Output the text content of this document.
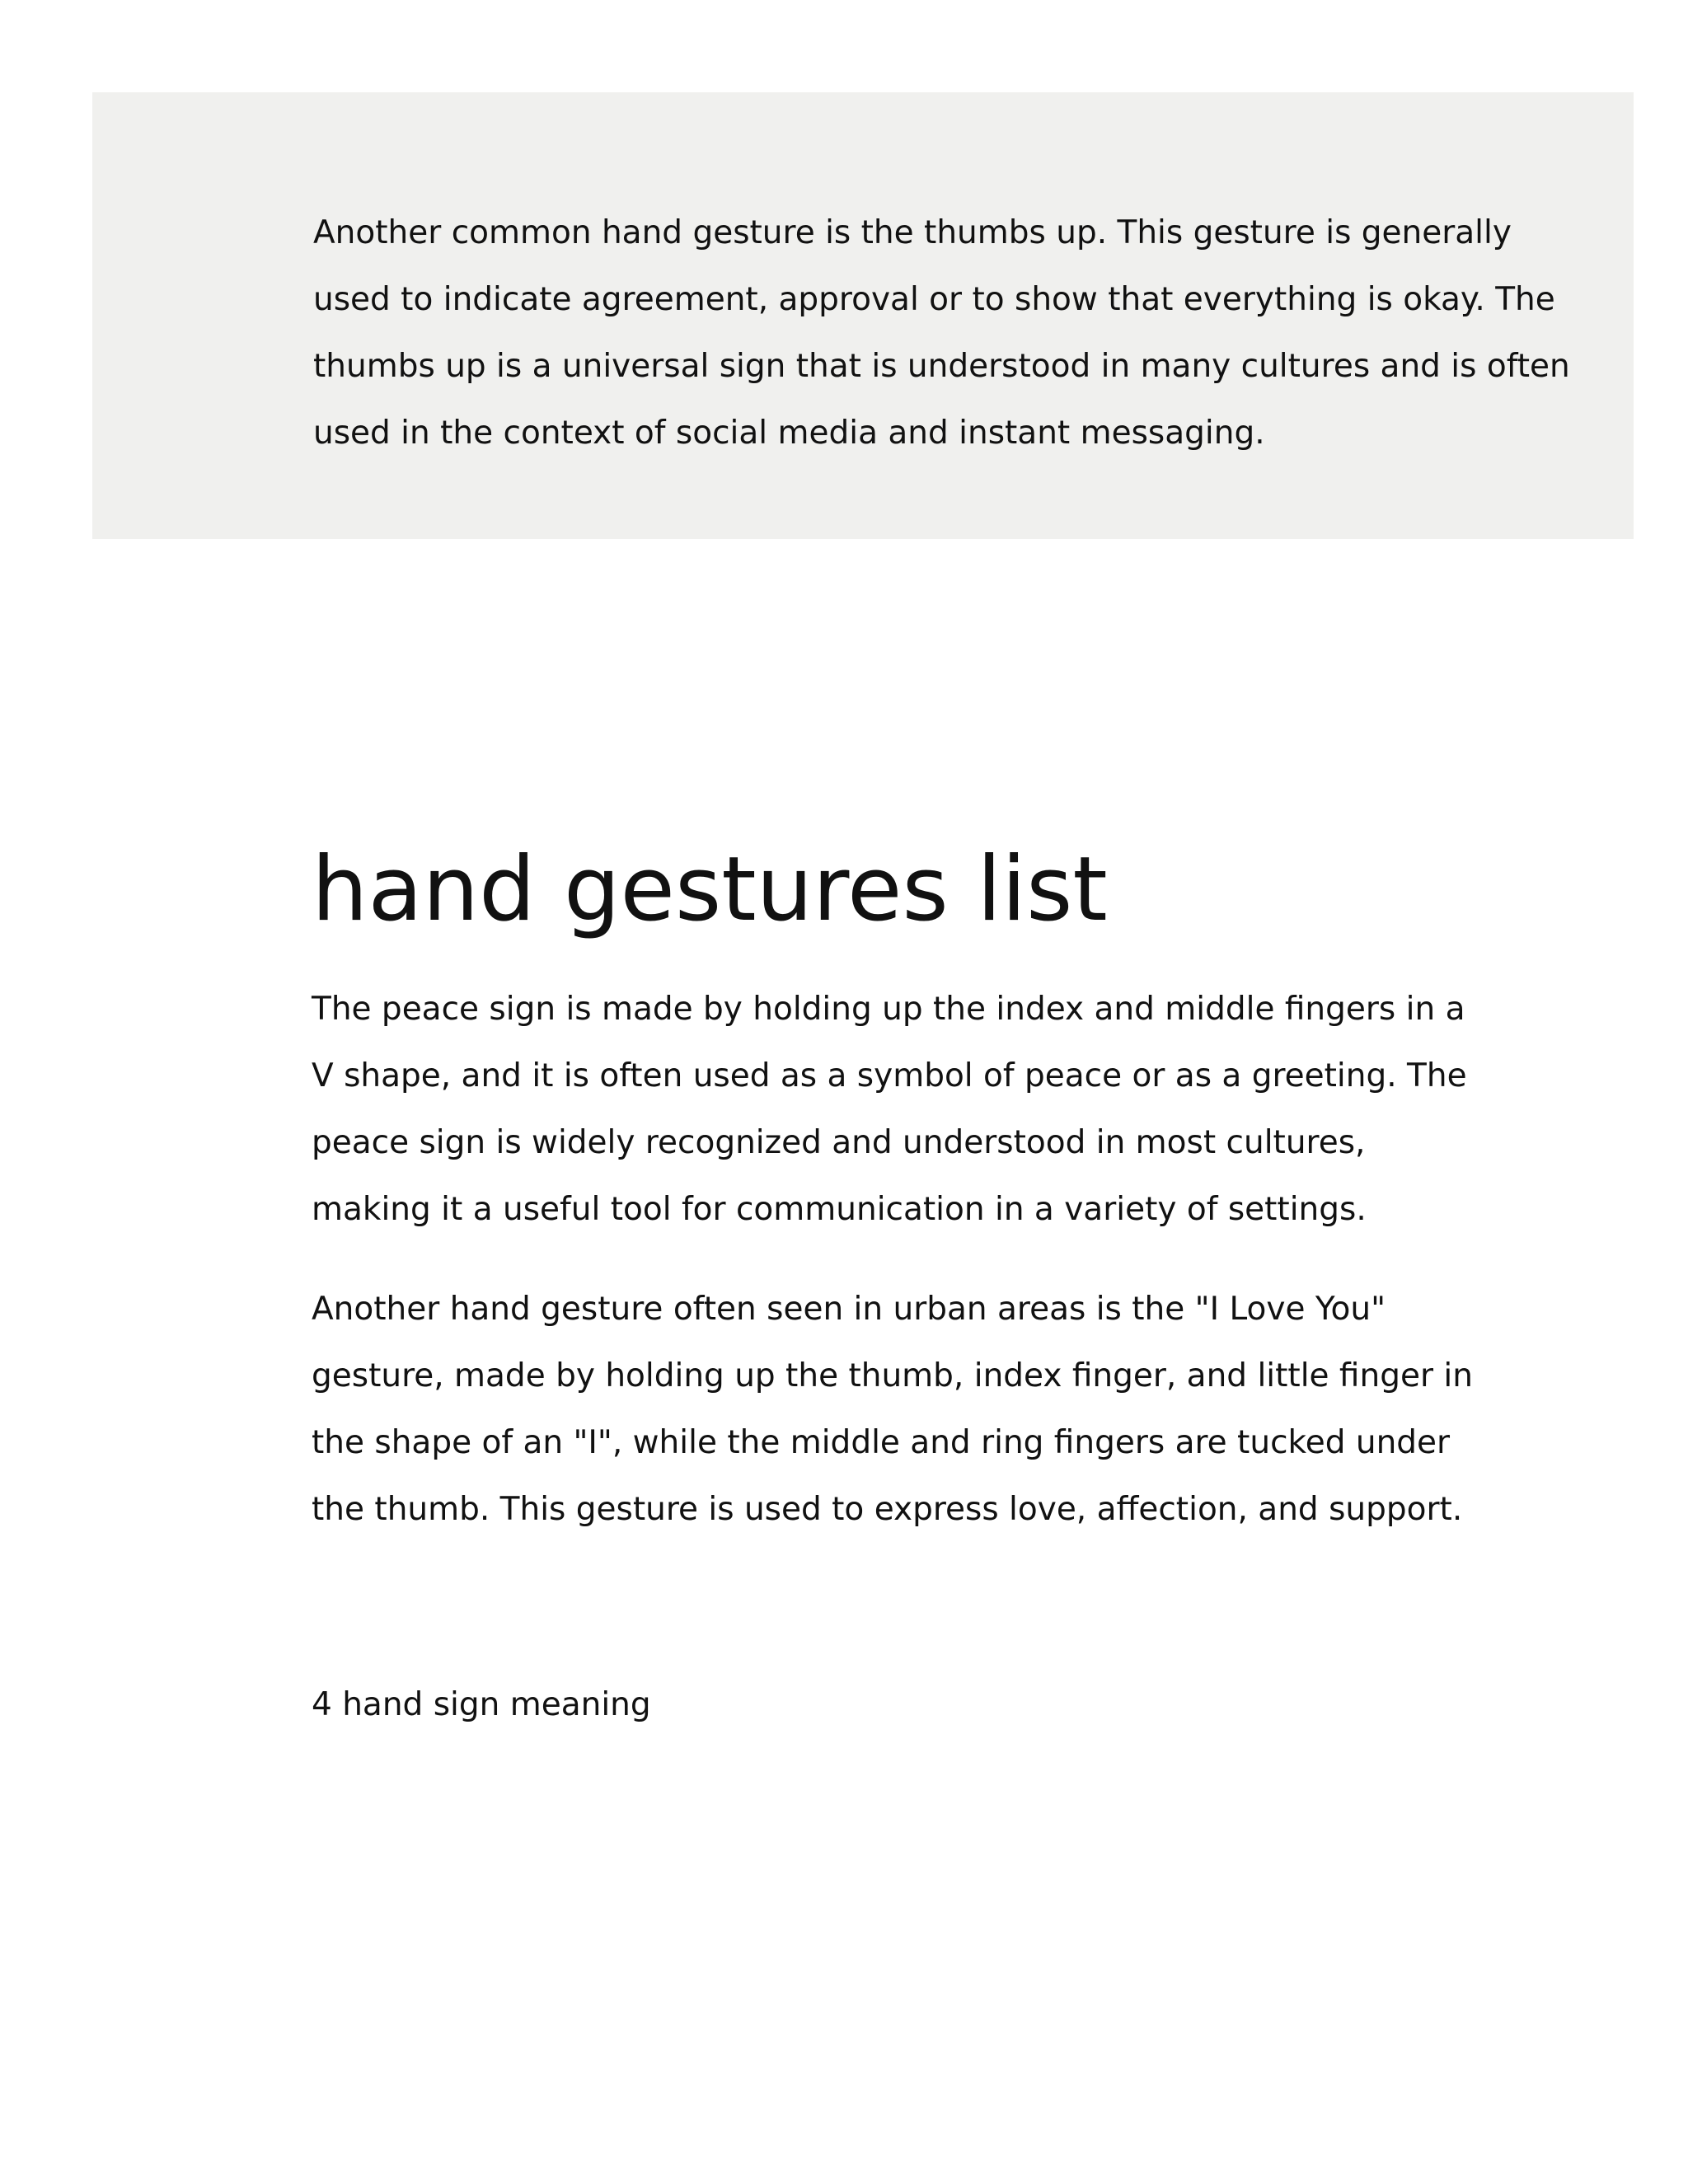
Another common hand gesture is the thumbs up. This gesture is generally used to indicate agreement, approval or to show that everything is okay. The thumbs up is a universal sign that is understood in many cultures and is often used in the context of social media and instant messaging.

hand gestures list

The peace sign is made by holding up the index and middle fingers in a V shape, and it is often used as a symbol of peace or as a greeting. The peace sign is widely recognized and understood in most cultures, making it a useful tool for communication in a variety of settings.

Another hand gesture often seen in urban areas is the "I Love You" gesture, made by holding up the thumb, index finger, and little finger in the shape of an "I", while the middle and ring fingers are tucked under the thumb. This gesture is used to express love, affection, and support.

4 hand sign meaning
